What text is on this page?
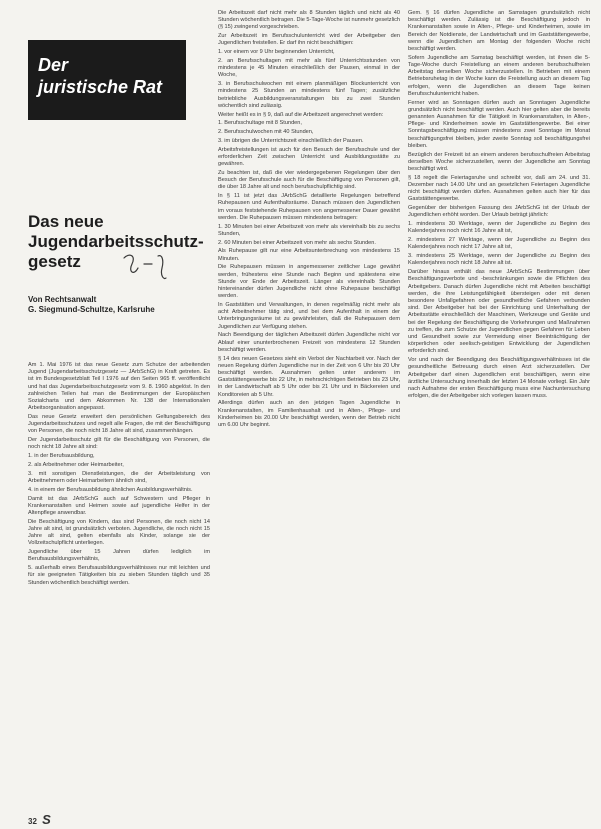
Der
juristische Rat
Das neue
Jugendarbeitsschutz-
gesetz
Von Rechtsanwalt
G. Siegmund-Schultze, Karlsruhe

Am 1. Mai 1976 ist das neue Gesetz zum Schutze der arbeitenden Jugend (Jugendarbeitsschutzgesetz — JArbSchG) in Kraft getreten. Es ist im Bundesgesetzblatt Teil I 1976 auf den Seiten 965 ff. veröffentlicht und hat das Jugendarbeitsschutzgesetz vom 9. 8. 1960 abgelöst. In den zahlreichen Teilen hat man die Bestimmungen der Europäischen Sozialcharta und dem Abkommen Nr. 138 der Internationalen Arbeitsorganisation angepasst.

Das neue Gesetz erweitert den persönlichen Geltungsbereich des Jugendarbeitsschutzes und regelt alle Fragen, die mit der Beschäftigung von Personen, die noch nicht 18 Jahre alt sind, zusammenhängen.

Der Jugendarbeitsschutz gilt für die Beschäftigung von Personen, die noch nicht 18 Jahre alt sind:

1. in der Berufsausbildung,

2. als Arbeitnehmer oder Heimarbeiter,

3. mit sonstigen Dienstleistungen, die der Arbeitsleistung von Arbeitnehmern oder Heimarbeitern ähnlich sind,

4. in einem der Berufsausbildung ähnlichen Ausbildungsverhältnis.

Damit ist das JArbSchG auch auf Schwestern und Pfleger in Krankenanstalten und Heimen sowie auf jugendliche Helfer in der Altenpflege anwendbar.

Die Beschäftigung von Kindern, das sind Personen, die noch nicht 14 Jahre alt sind, ist grundsätzlich verboten. Jugendliche, die noch nicht 15 Jahre alt sind, gelten ebenfalls als Kinder, solange sie der Vollzeitschulpflicht unterliegen.

Jugendliche über 15 Jahren dürfen lediglich im Berufsausbildungsverhältnis,

5. außerhalb eines Berufsausbildungsverhältnisses nur mit leichten und für sie geeigneten Tätigkeiten bis zu sieben Stunden täglich und 35 Stunden wöchentlich beschäftigt werden.

Die Arbeitszeit darf nicht mehr als 8 Stunden täglich und nicht als 40 Stunden wöchentlich betragen. Die 5-Tage-Woche ist nunmehr gesetzlich (§ 15) zwingend vorgeschrieben.

Zur Arbeitszeit im Berufsschulunterricht wird der Arbeitgeber den Jugendlichen freistellen. Er darf ihn nicht beschäftigen:

1. vor einem vor 9 Uhr beginnenden Unterricht,

2. an Berufsschultagen mit mehr als fünf Unterrichtsstunden von mindestens je 45 Minuten einschließlich der Pausen, einmal in der Woche,

3. in Berufsschulwochen mit einem planmäßigen Blockunterricht von mindestens 25 Stunden an mindestens fünf Tagen; zusätzliche betriebliche Ausbildungsveranstaltungen bis zu zwei Stunden wöchentlich sind zulässig.

Weiter heißt es in § 9, daß auf die Arbeitszeit angerechnet werden:

1. Berufsschultage mit 8 Stunden,

2. Berufsschulwochen mit 40 Stunden,

3. im übrigen die Unterrichtszeit einschließlich der Pausen.

Arbeitsfreistellungen ist auch für den Besuch der Berufsschule und der erforderlichen Zeit zwischen Unterricht und Ausbildungsstätte zu gewähren.

Zu beachten ist, daß die vier wiedergegebenen Regelungen über den Besuch der Berufsschule auch für die Beschäftigung von Personen gilt, die über 18 Jahre alt und noch berufsschulpflichtig sind.

In § 11 ist jetzt das JArbSchG detaillierte Regelungen betreffend Ruhepausen und Aufenthaltsräume. Danach müssen den Jugendlichen im voraus feststehende Ruhepausen von angemessener Dauer gewährt werden. Die Ruhepausen müssen mindestens betragen:

1. 30 Minuten bei einer Arbeitszeit von mehr als viereinhalb bis zu sechs Stunden,

2. 60 Minuten bei einer Arbeitszeit von mehr als sechs Stunden.

Als Ruhepause gilt nur eine Arbeitsunterbrechung von mindestens 15 Minuten.

Die Ruhepausen müssen in angemessener zeitlicher Lage gewährt werden, frühestens eine Stunde nach Beginn und spätestens eine Stunde vor Ende der Arbeitszeit. Länger als viereinhalb Stunden hintereinander dürfen Jugendliche nicht ohne Ruhepause beschäftigt werden.

In Gaststätten und Verwaltungen, in denen regelmäßig nicht mehr als acht Arbeitnehmer tätig sind, und bei dem Aufenthalt in einem der Unterbringungsräume ist zu gewährleisten, daß die Ruhepausen dem Jugendlichen zur Verfügung stehen.

Nach Beendigung der täglichen Arbeitszeit dürfen Jugendliche nicht vor Ablauf einer ununterbrochenen Freizeit von mindestens 12 Stunden beschäftigt werden.

§ 14 des neuen Gesetzes sieht ein Verbot der Nachtarbeit vor. Nach der neuen Regelung dürfen Jugendliche nur in der Zeit von 6 Uhr bis 20 Uhr beschäftigt werden. Ausnahmen gelten unter anderem im Gaststättengewerbe bis 22 Uhr, in mehrschichtigen Betrieben bis 23 Uhr, in der Landwirtschaft ab 5 Uhr oder bis 21 Uhr und in Bäckereien und Konditoreien ab 5 Uhr.

Allerdings dürfen auch an den jetzigen Tagen Jugendliche in Krankenanstalten, im Familienhaushalt und in Alten-, Pflege- und Kinderheimen bis 20.00 Uhr beschäftigt werden, wenn der Betrieb nicht um 6.00 Uhr beginnt.

Gem. § 16 dürfen Jugendliche an Samstagen grundsätzlich nicht beschäftigt werden. Zulässig ist die Beschäftigung jedoch in Krankenanstalten sowie in Alten-, Pflege- und Kinderheimen, sowie im Bereich der Notdienste, der Landwirtschaft und im Gaststättengewerbe, wenn die Jugendlichen am Montag der folgenden Woche nicht beschäftigt werden.

Sofern Jugendliche am Samstag beschäftigt werden, ist ihnen die 5-Tage-Woche durch Freistellung an einem anderen berufsschulfreien Arbeitstag derselben Woche sicherzustellen. In Betrieben mit einem Betriebsruhetag in der Woche kann die Freistellung auch an diesem Tag erfolgen, wenn die Jugendlichen an diesem Tage keinen Berufsschulunterricht haben.

Ferner wird an Sonntagen dürfen auch an Sonntagen Jugendliche grundsätzlich nicht beschäftigt werden. Auch hier gelten aber die bereits genannten Ausnahmen für die Tätigkeit in Krankenanstalten, in Alten-, Pflege- und Kinderheimen sowie im Gaststättengewerbe. Bei einer Sonntagsbeschäftigung müssen mindestens zwei Sonntage im Monat beschäftigungsfrei bleiben, jeder zweite Sonntag soll beschäftigungsfrei bleiben.

Bezüglich der Freizeit ist an einem anderen berufsschulfreien Arbeitstag derselben Woche sicherzustellen, wenn der Jugendliche am Sonntag beschäftigt wird.

§ 18 regelt die Feiertagsruhe und schreibt vor, daß am 24. und 31. Dezember nach 14.00 Uhr und an gesetzlichen Feiertagen Jugendliche nicht beschäftigt werden dürfen. Ausnahmen gelten auch hier für das Gaststättengewerbe.

Gegenüber der bisherigen Fassung des JArbSchG ist der Urlaub der Jugendlichen erhöht worden. Der Urlaub beträgt jährlich:

1. mindestens 30 Werktage, wenn der Jugendliche zu Beginn des Kalenderjahres noch nicht 16 Jahre alt ist,

2. mindestens 27 Werktage, wenn der Jugendliche zu Beginn des Kalenderjahres noch nicht 17 Jahre alt ist,

3. mindestens 25 Werktage, wenn der Jugendliche zu Beginn des Kalenderjahres noch nicht 18 Jahre alt ist.

Darüber hinaus enthält das neue JArbSchG Bestimmungen über Beschäftigungsverbote und -beschränkungen sowie die Pflichten des Arbeitgebers. Danach dürfen Jugendliche nicht mit Arbeiten beschäftigt werden, die ihre Leistungsfähigkeit übersteigen oder mit denen besondere Unfallgefahren oder gesundheitliche Gefahren verbunden sind. Der Arbeitgeber hat bei der Einrichtung und Unterhaltung der Arbeitsstätte einschließlich der Maschinen, Werkzeuge und Geräte und bei der Regelung der Beschäftigung die Vorkehrungen und Maßnahmen zu treffen, die zum Schutze der Jugendlichen gegen Gefahren für Leben und Gesundheit sowie zur Vermeidung einer Beeinträchtigung der körperlichen oder seelisch-geistigen Entwicklung der Jugendlichen erforderlich sind.

Vor und nach der Beendigung des Beschäftigungsverhältnisses ist die gesundheitliche Betreuung durch einen Arzt sicherzustellen. Der Arbeitgeber darf einen Jugendlichen erst beschäftigen, wenn eine ärztliche Untersuchung innerhalb der letzten 14 Monate vorliegt. Ein Jahr nach Aufnahme der ersten Beschäftigung muss eine Nachuntersuchung erfolgen, die der Arbeitgeber sich vorlegen lassen muss.

32 S
